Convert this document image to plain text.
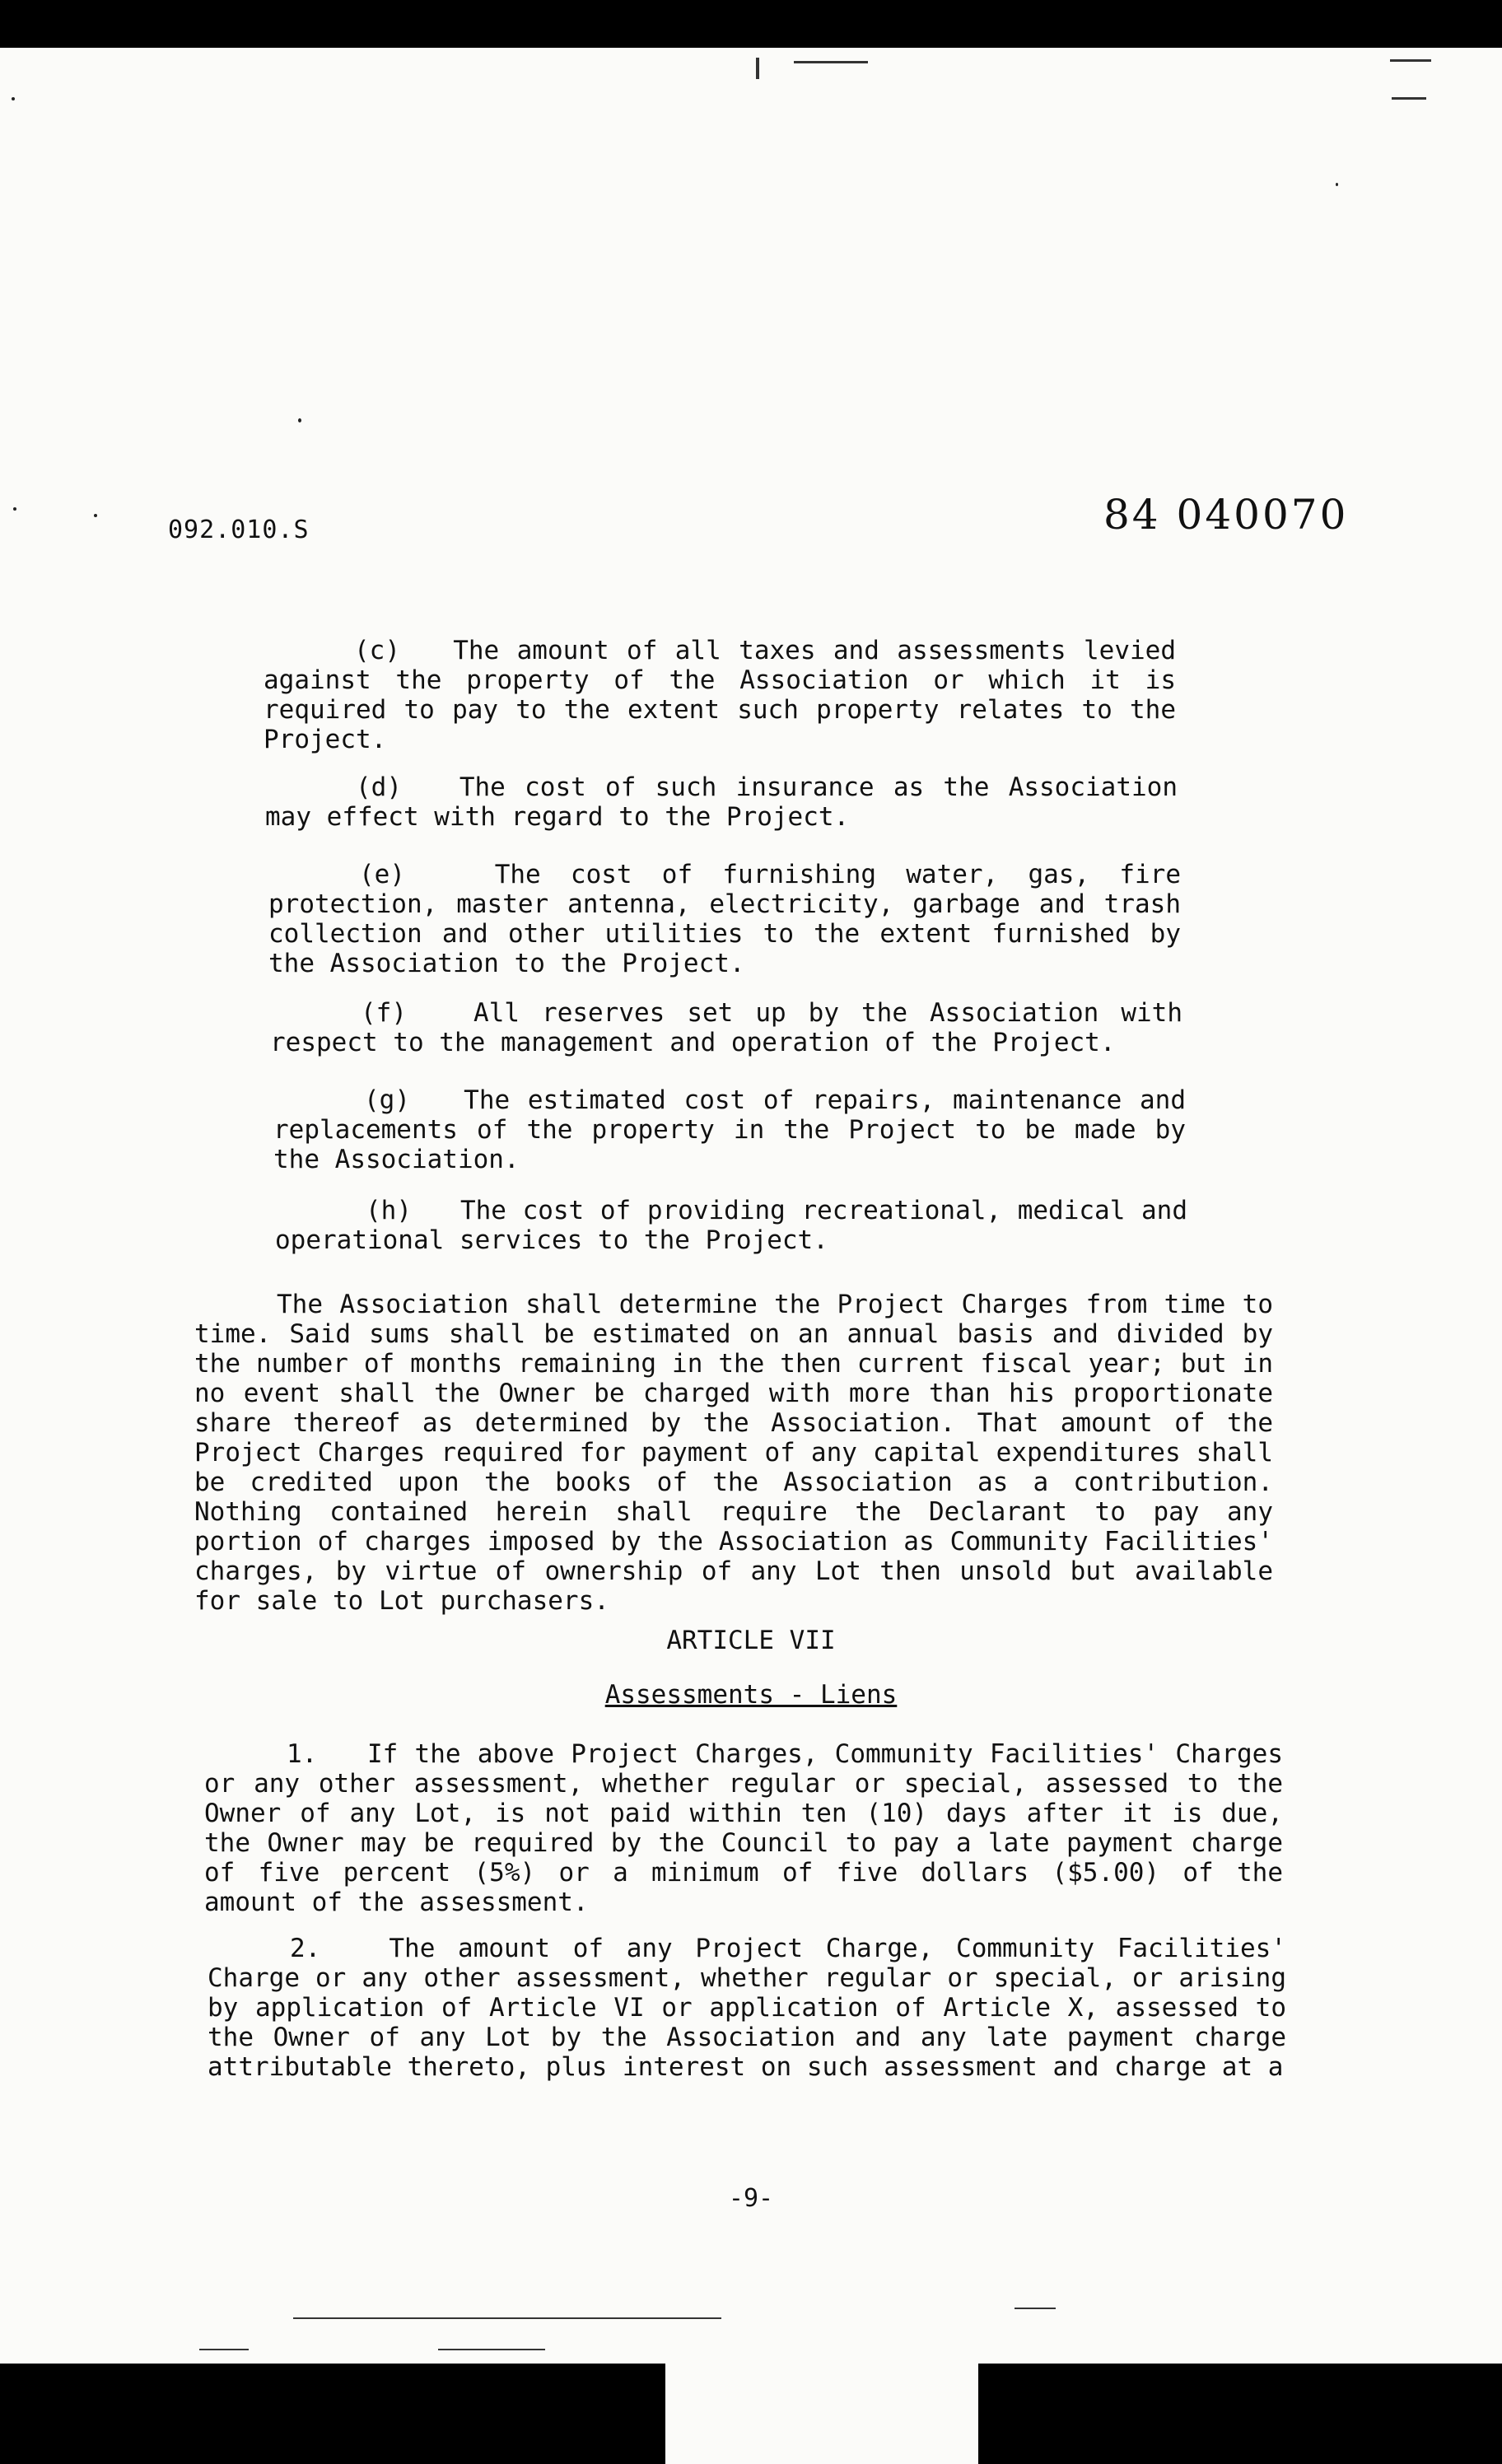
092.010.S	84 040070
(c) The amount of all taxes and assessments levied against the property of the Association or which it is required to pay to the extent such property relates to the Project.
(d) The cost of such insurance as the Association may effect with regard to the Project.
(e)	The cost of furnishing water, gas, fire protection, master antenna, electricity, garbage and trash collection and other utilities to the extent furnished by the Association to the Project.
(f)	All reserves set up by the Association with respect to the management and operation of the Project.
(g) The estimated cost of repairs, maintenance and replacements of the property in the Project to be made by the Association.
(h) The cost of providing recreational, medical and operational services to the Project.

The Association shall determine the Project Charges from time to time. Said sums shall be estimated on an annual basis and divided by the number of months remaining in the then current fiscal year; but in no event shall the Owner be charged with more than his proportionate share thereof as determined by the Association. That amount of the Project Charges required for payment of any capital expenditures shall be credited upon the books of the Association as a contribution. Nothing contained herein shall require the Declarant to pay any portion of charges imposed by the Association as Community Facilities' charges, by virtue of ownership of any Lot then unsold but available for sale to Lot purchasers.

ARTICLE VII
Assessments - Liens
1. If the above Project Charges, Community Facilities' Charges or any other assessment, whether regular or special, assessed to the Owner of any Lot, is not paid within ten (10) days after it is due, the Owner may be required by the Council to pay a late payment charge of five percent (5%) or a minimum of five dollars ($5.00) of the amount of the assessment.
2.	The amount of any Project Charge, Community Facilities' Charge or any other assessment, whether regular or special, or arising by application of Article VI or application of Article X, assessed to the Owner of any Lot by the Association and any late payment charge attributable thereto, plus interest on such assessment and charge at a
-9-
